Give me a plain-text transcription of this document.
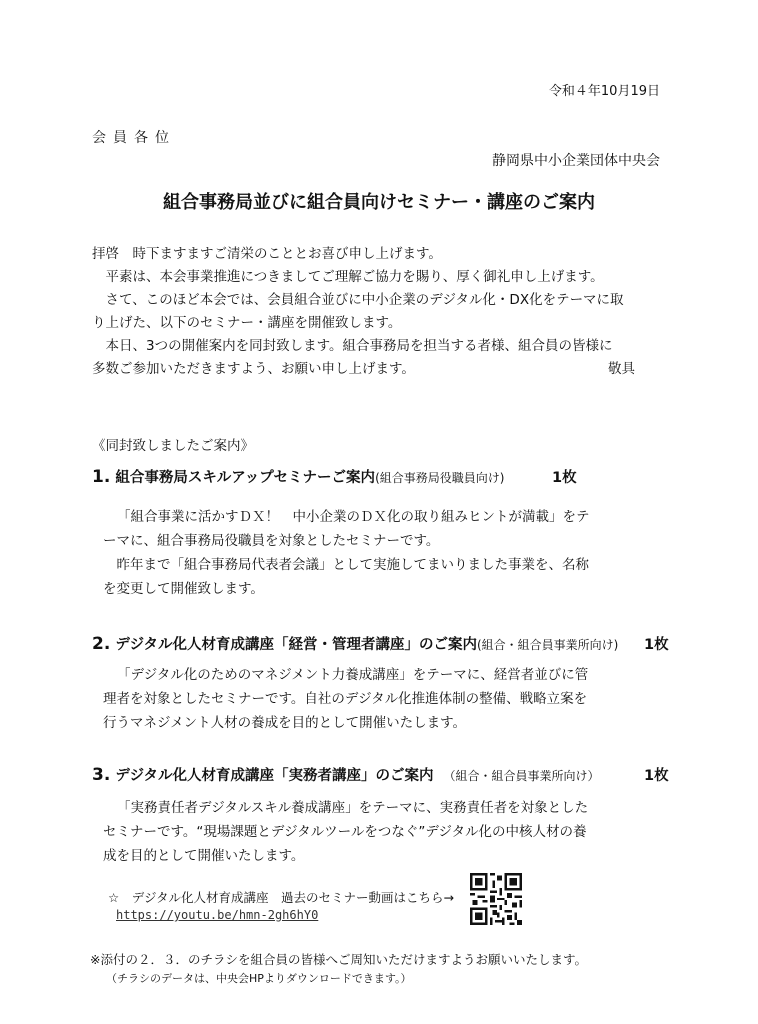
令和４年10月19日
会員各位
静岡県中小企業団体中央会
組合事務局並びに組合員向けセミナー・講座のご案内
拝啓　時下ますますご清栄のこととお喜び申し上げます。
　平素は、本会事業推進につきましてご理解ご協力を賜り、厚く御礼申し上げます。
　さて、このほど本会では、会員組合並びに中小企業のデジタル化・DX化をテーマに取
り上げた、以下のセミナー・講座を開催致します。
　本日、3つの開催案内を同封致します。組合事務局を担当する者様、組合員の皆様に
多数ご参加いただきますよう、お願い申し上げます。	敬具
《同封致しましたご案内》
1. 組合事務局スキルアップセミナーご案内(組合事務局役職員向け)	1枚
「組合事業に活かすＤＸ！　中小企業のＤＸ化の取り組みヒントが満載」をテ
ーマに、組合事務局役職員を対象としたセミナーです。
　昨年まで「組合事務局代表者会議」として実施してまいりました事業を、名称
を変更して開催致します。
2. デジタル化人材育成講座「経営・管理者講座」のご案内(組合・組合員事業所向け) 1枚
「デジタル化のためのマネジメント力養成講座」をテーマに、経営者並びに管
理者を対象としたセミナーです。自社のデジタル化推進体制の整備、戦略立案を
行うマネジメント人材の養成を目的として開催いたします。
3. デジタル化人材育成講座「実務者講座」のご案内 （組合・組合員事業所向け）	1枚
「実務責任者デジタルスキル養成講座」をテーマに、実務責任者を対象とした
セミナーです。“現場課題とデジタルツールをつなぐ”デジタル化の中核人材の養
成を目的として開催いたします。
☆　デジタル化人材育成講座　過去のセミナー動画はこちら→
https://youtu.be/hmn-2gh6hY0
※添付の２．３．のチラシを組合員の皆様へご周知いただけますようお願いいたします。
（チラシのデータは、中央会HPよりダウンロードできます。）
